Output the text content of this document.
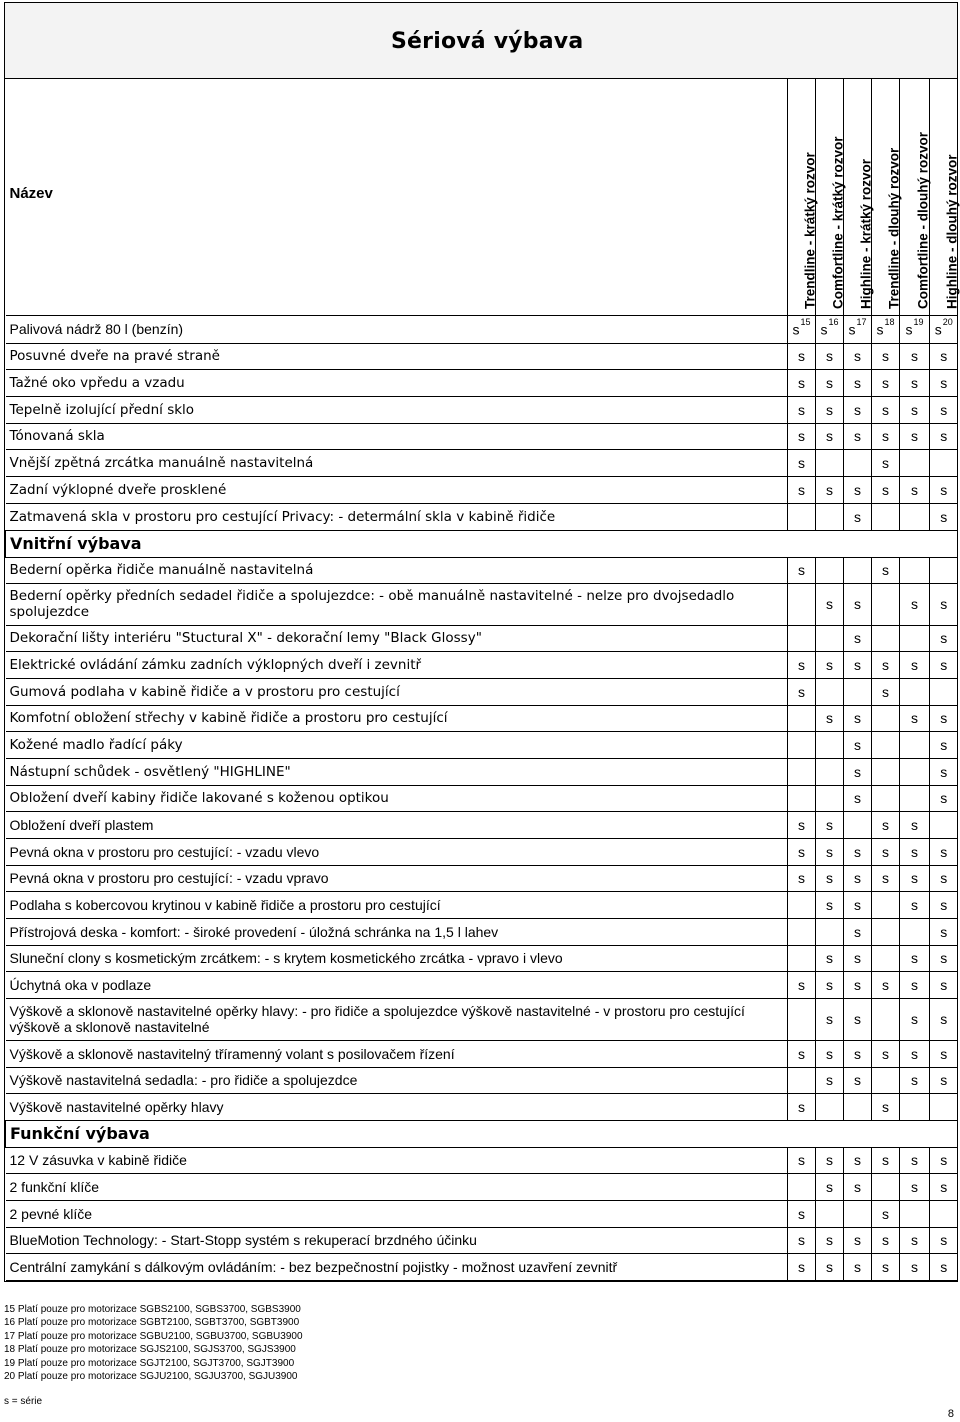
Sériová výbava
Název	Trendline - krátký rozvor	Comfortline - krátký rozvor	Highline - krátký rozvor	Trendline - dlouhý rozvor	Comfortline - dlouhý rozvor	Highline - dlouhý rozvor

Palivová nádrž 80 l (benzín)	$s^{15}$	$s^{16}$	$s^{17}$	$s^{18}$	$s^{19}$	$s^{20}$
Posuvné dveře na pravé straně	s	s	s	s	s	s
Tažné oko vpředu a vzadu	s	s	s	s	s	s
Tepelně izolující přední sklo	s	s	s	s	s	s
Tónovaná skla	s	s	s	s	s	s
Vnější zpětná zrcátka manuálně nastavitelná	s			s		
Zadní výklopné dveře prosklené	s	s	s	s	s	s
Zatmavená skla v prostoru pro cestující Privacy: - determální skla v kabině řidiče			s			s
Vnitřní výbava						
Bederní opěrka řidiče manuálně nastavitelná	s			s		
Bederní opěrky předních sedadel řidiče a spolujezdce: - obě manuálně nastavitelné - nelze pro dvojsedadlo spolujezdce		s	s		s	s
Dekorační lišty interiéru "Stuctural X" - dekorační lemy "Black Glossy"			s			s
Elektrické ovládání zámku zadních výklopných dveří i zevnitř	s	s	s	s	s	s
Gumová podlaha v kabině řidiče a v prostoru pro cestující	s			s		
Komfotní obložení střechy v kabině řidiče a prostoru pro cestující		s	s		s	s
Kožené madlo řadící páky			s			s
Nástupní schůdek - osvětlený "HIGHLINE"			s			s
Obložení dveří kabiny řidiče lakované s koženou optikou			s			s
Obložení dveří plastem	s	s		s	s	
Pevná okna v prostoru pro cestující: - vzadu vlevo	s	s	s	s	s	s
Pevná okna v prostoru pro cestující: - vzadu vpravo	s	s	s	s	s	s
Podlaha s kobercovou krytinou v kabině řidiče a prostoru pro cestující		s	s		s	s
Přístrojová deska - komfort: - široké provedení - úložná schránka na 1,5 l lahev			s			s
Sluneční clony s kosmetickým zrcátkem: - s krytem kosmetického zrcátka - vpravo i vlevo		s	s		s	s
Úchytná oka v podlaze	s	s	s	s	s	s
Výškově a sklonově nastavitelné opěrky hlavy: - pro řidiče a spolujezdce výškově nastavitelné - v prostoru pro cestující výškově a sklonově nastavitelné		s	s		s	s
Výškově a sklonově nastavitelný tříramenný volant s posilovačem řízení	s	s	s	s	s	s
Výškově nastavitelná sedadla: - pro řidiče a spolujezdce		s	s		s	s
Výškově nastavitelné opěrky hlavy	s			s		
Funkční výbava						
12 V zásuvka v kabině řidiče	s	s	s	s	s	s
2 funkční klíče		s	s		s	s
2 pevné klíče	s			s		
BlueMotion Technology: - Start-Stopp systém s rekuperací brzdného účinku	s	s	s	s	s	s
Centrální zamykání s dálkovým ovládáním: - bez bezpečnostní pojistky - možnost uzavření zevnitř	s	s	s	s	s	s
15 Platí pouze pro motorizace SGBS2100, SGBS3700, SGBS3900
16 Platí pouze pro motorizace SGBT2100, SGBT3700, SGBT3900
17 Platí pouze pro motorizace SGBU2100, SGBU3700, SGBU3900
18 Platí pouze pro motorizace SGJS2100, SGJS3700, SGJS3900
19 Platí pouze pro motorizace SGJT2100, SGJT3700, SGJT3900
20 Platí pouze pro motorizace SGJU2100, SGJU3700, SGJU3900
s = série
8
